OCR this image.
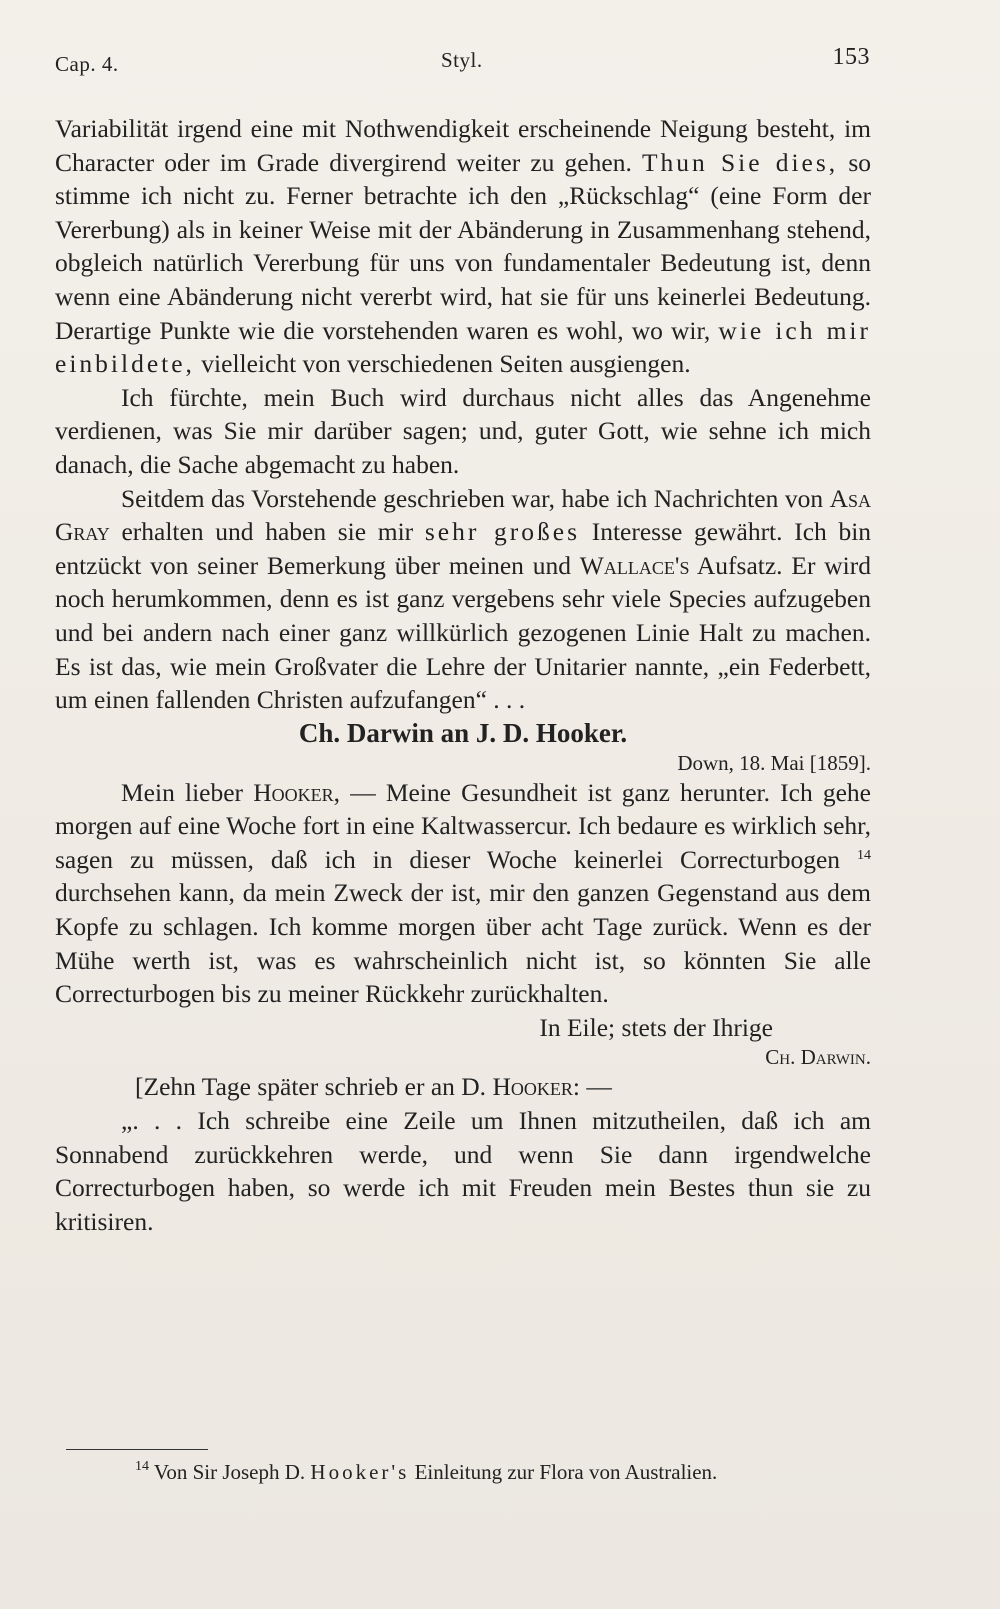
Cap. 4.	Styl.	153

Variabilität irgend eine mit Nothwendigkeit erscheinende Neigung besteht, im Character oder im Grade divergirend weiter zu gehen. Thun Sie dies, so stimme ich nicht zu. Ferner betrachte ich den „Rückschlag“ (eine Form der Vererbung) als in keiner Weise mit der Abänderung in Zusammenhang stehend, obgleich natürlich Vererbung für uns von fundamentaler Bedeutung ist, denn wenn eine Abänderung nicht vererbt wird, hat sie für uns keinerlei Bedeutung. Derartige Punkte wie die vorstehenden waren es wohl, wo wir, wie ich mir einbildete, vielleicht von verschiedenen Seiten ausgiengen.

Ich fürchte, mein Buch wird durchaus nicht alles das Angenehme verdienen, was Sie mir darüber sagen; und, guter Gott, wie sehne ich mich danach, die Sache abgemacht zu haben.

Seitdem das Vorstehende geschrieben war, habe ich Nachrichten von Asa Gray erhalten und haben sie mir sehr großes Interesse gewährt. Ich bin entzückt von seiner Bemerkung über meinen und Wallace's Aufsatz. Er wird noch herumkommen, denn es ist ganz vergebens sehr viele Species aufzugeben und bei andern nach einer ganz willkürlich gezogenen Linie Halt zu machen. Es ist das, wie mein Großvater die Lehre der Unitarier nannte, „ein Federbett, um einen fallenden Christen aufzufangen“ . . .

Ch. Darwin an J. D. Hooker.

Down, 18. Mai [1859].

Mein lieber Hooker, — Meine Gesundheit ist ganz herunter. Ich gehe morgen auf eine Woche fort in eine Kaltwassercur. Ich bedaure es wirklich sehr, sagen zu müssen, daß ich in dieser Woche keinerlei Correcturbogen $^{14}$ durchsehen kann, da mein Zweck der ist, mir den ganzen Gegenstand aus dem Kopfe zu schlagen. Ich komme morgen über acht Tage zurück. Wenn es der Mühe werth ist, was es wahrscheinlich nicht ist, so könnten Sie alle Correcturbogen bis zu meiner Rückkehr zurückhalten.

In Eile; stets der Ihrige

Ch. Darwin.

[Zehn Tage später schrieb er an D. Hooker: —

„. . . Ich schreibe eine Zeile um Ihnen mitzutheilen, daß ich am Sonnabend zurückkehren werde, und wenn Sie dann irgendwelche Correcturbogen haben, so werde ich mit Freuden mein Bestes thun sie zu kritisiren.

$^{14}$ Von Sir Joseph D. Hooker's Einleitung zur Flora von Australien.
